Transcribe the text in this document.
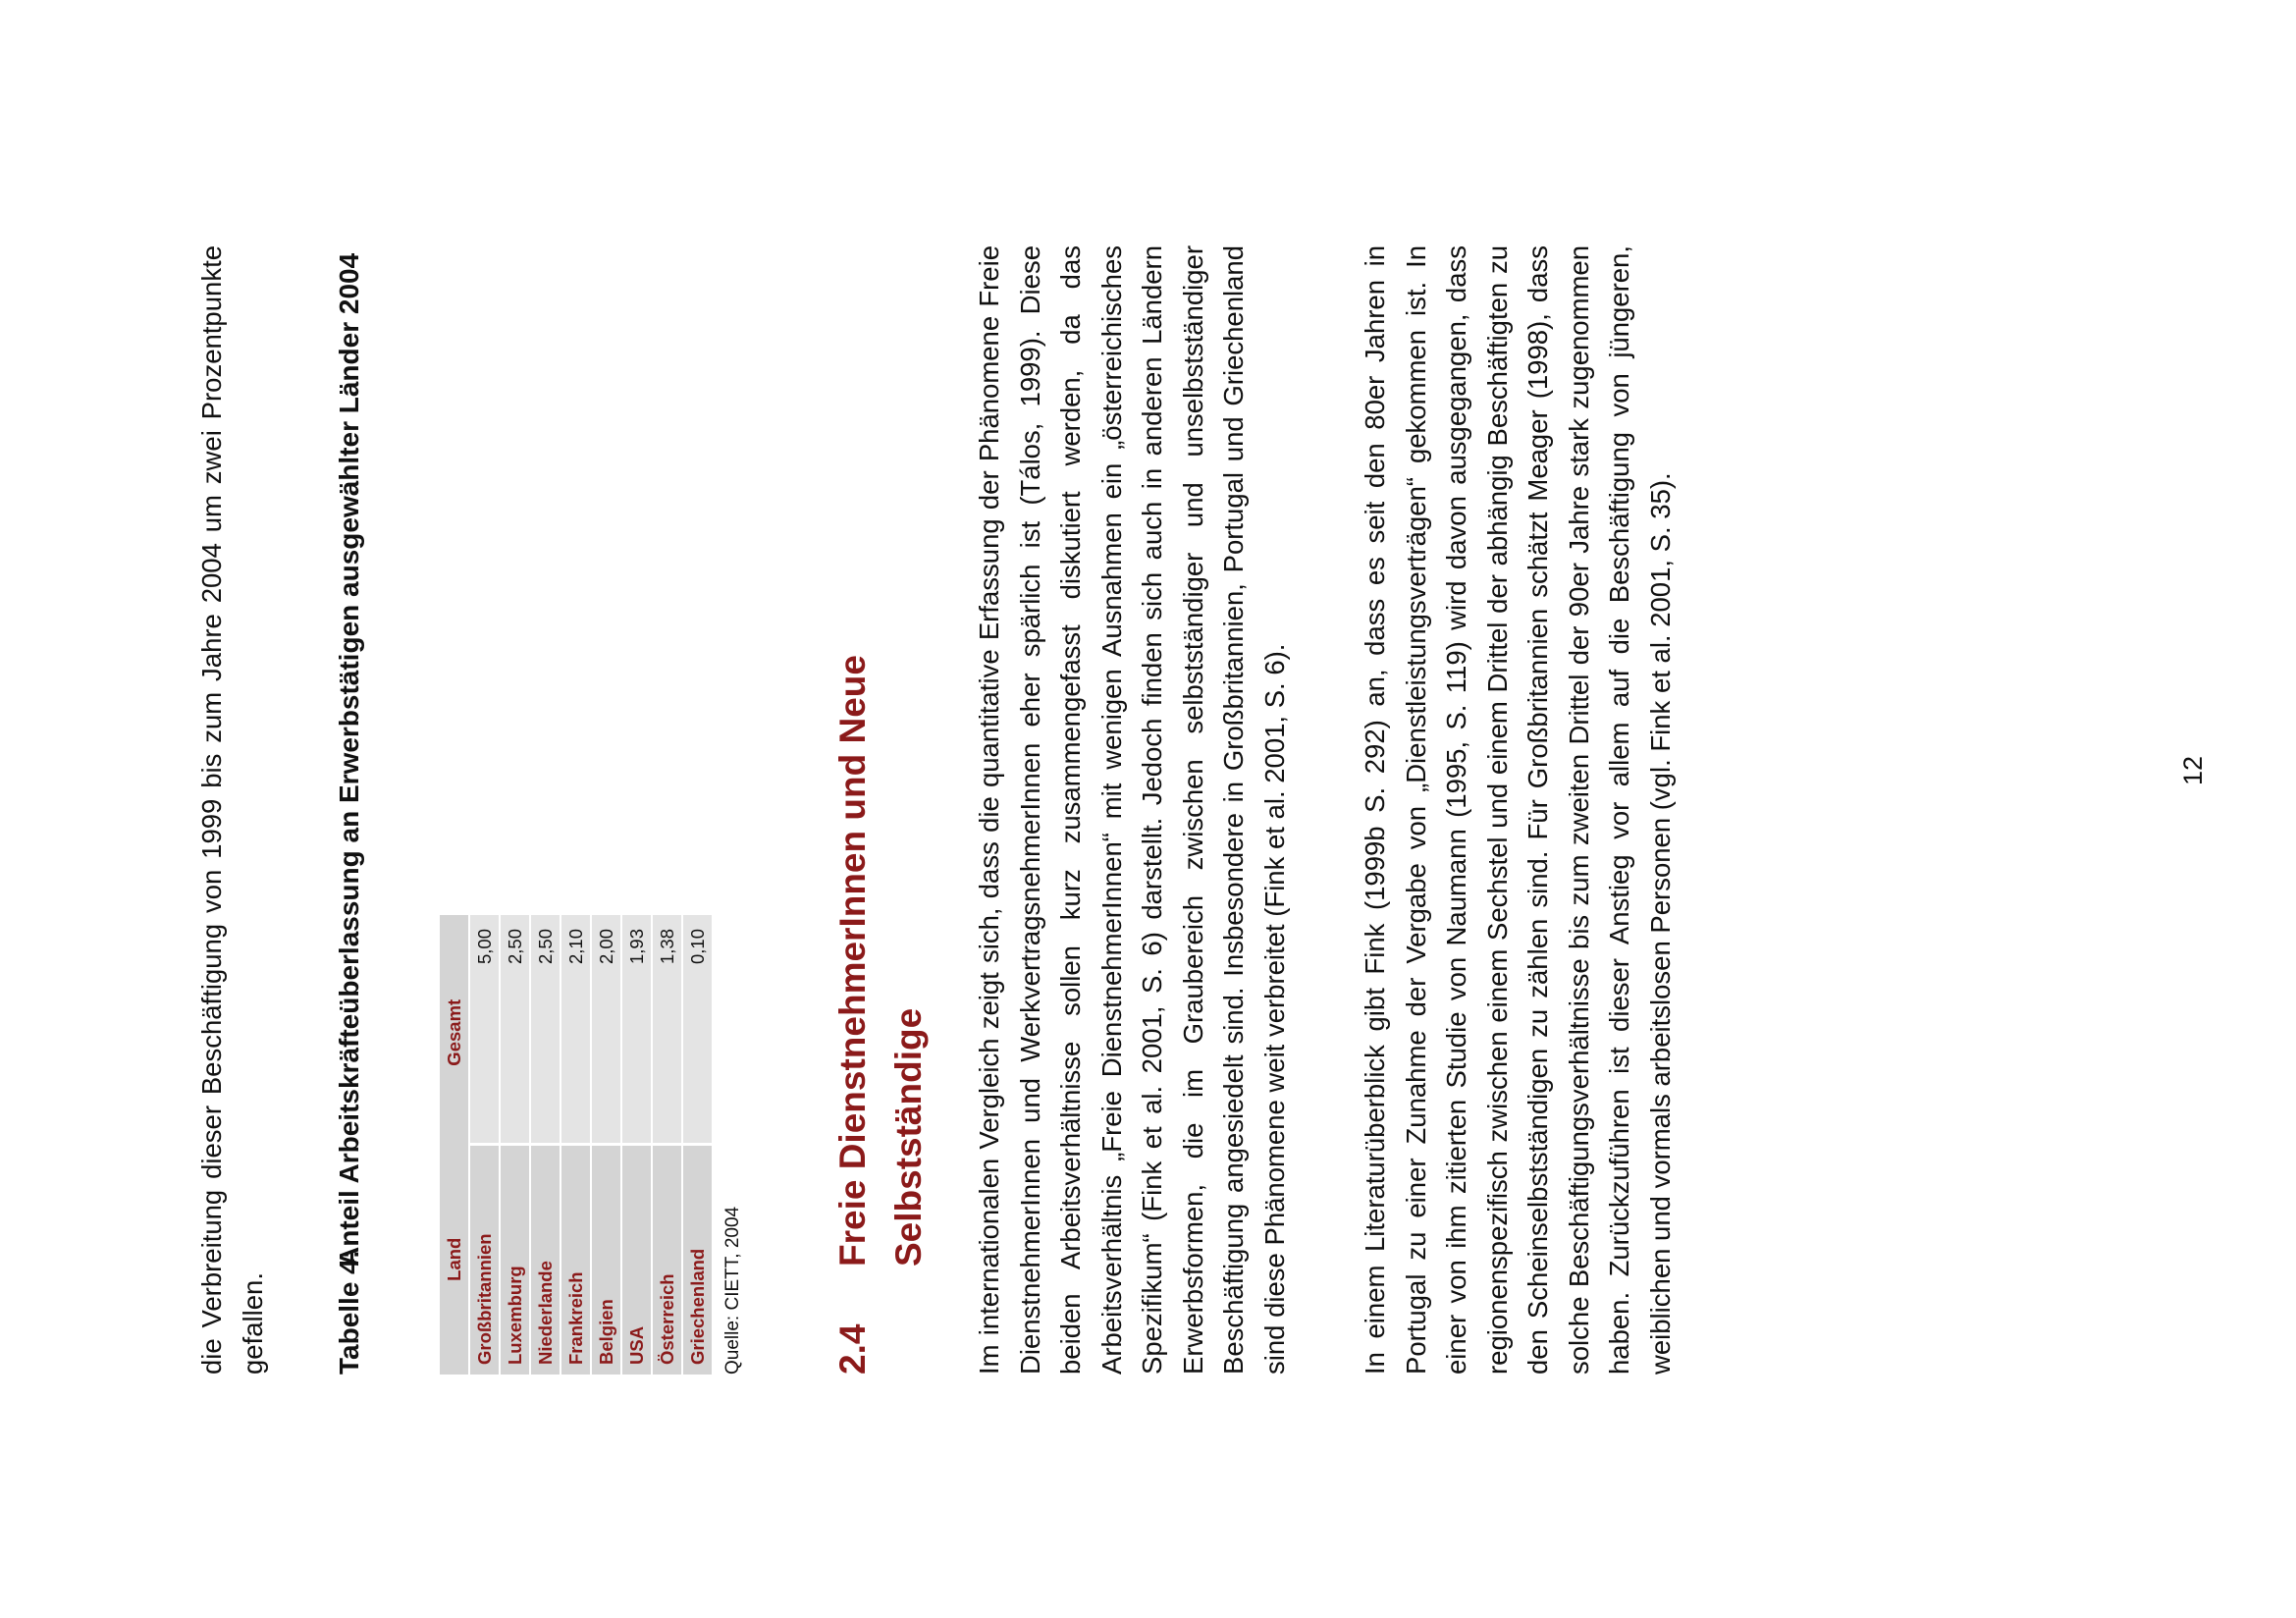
die Verbreitung dieser Beschäftigung von 1999 bis zum Jahre 2004 um zwei Prozentpunkte gefallen. Tabelle 4:
Anteil Arbeitskräfteüberlassung an Erwerbstätigen ausgewählter Länder 2004	Land	Gesamt
Großbritannien	5,00
Luxemburg	2,50
Niederlande	2,50
Frankreich	2,10
Belgien	2,00
USA	1,93
Österreich	1,38
Griechenland	0,10
Quelle: CIETT, 2004 2.4
Freie DienstnehmerInnen und Neue Selbstständige Im internationalen Vergleich zeigt sich, dass die quantitative Erfassung der Phänomene Freie DienstnehmerInnen und WerkvertragsnehmerInnen eher spärlich ist (Tálos, 1999). Diese beiden Arbeitsverhältnisse sollen kurz zusammengefasst diskutiert werden, da das Arbeitsverhältnis „Freie DienstnehmerInnen“ mit wenigen Ausnahmen ein „österreichisches Spezifikum“ (Fink et al. 2001, S. 6) darstellt. Jedoch finden sich auch in anderen Ländern Erwerbsformen, die im Graubereich zwischen selbstständiger und unselbstständiger Beschäftigung angesiedelt sind. Insbesondere in Großbritannien, Portugal und Griechenland sind diese Phänomene weit verbreitet (Fink et al. 2001, S. 6).	In einem Literaturüberblick gibt Fink (1999b S. 292) an, dass es seit den 80er Jahren in Portugal zu einer Zunahme der Vergabe von „Dienstleistungsverträgen“ gekommen ist. In einer von ihm zitierten Studie von Naumann (1995, S. 119) wird davon ausgegangen, dass regionenspezifisch zwischen einem Sechstel und einem Drittel der abhängig Beschäftigten zu den Scheinselbstständigen zu zählen sind. Für Großbritannien schätzt Meager (1998), dass solche Beschäftigungsverhältnisse bis zum zweiten Drittel der 90er Jahre stark zugenommen haben. Zurückzuführen ist dieser Anstieg vor allem auf die Beschäftigung von jüngeren, weiblichen und vormals arbeitslosen Personen (vgl. Fink et al. 2001, S. 35).	12
